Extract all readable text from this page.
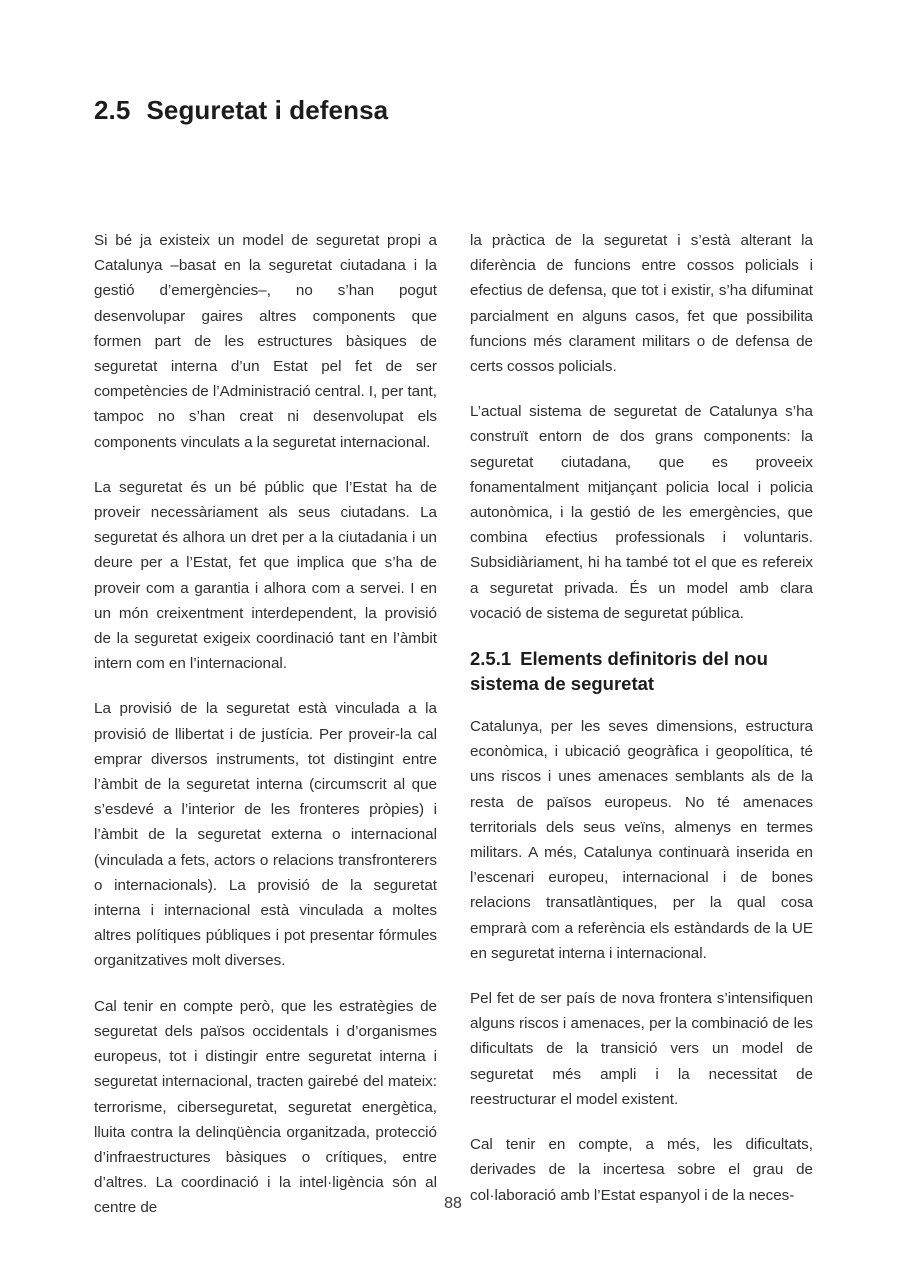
2.5 Seguretat i defensa

Si bé ja existeix un model de seguretat propi a Catalunya –basat en la seguretat ciutadana i la gestió d’emergències–, no s’han pogut desenvolupar gaires altres components que formen part de les estructures bàsiques de seguretat interna d’un Estat pel fet de ser competències de l’Administració central. I, per tant, tampoc no s’han creat ni desenvolupat els components vinculats a la seguretat internacional.

La seguretat és un bé públic que l’Estat ha de proveir necessàriament als seus ciutadans. La seguretat és alhora un dret per a la ciutadania i un deure per a l’Estat, fet que implica que s’ha de proveir com a garantia i alhora com a servei. I en un món creixentment interdependent, la provisió de la seguretat exigeix coordinació tant en l’àmbit intern com en l’internacional.

La provisió de la seguretat està vinculada a la provisió de llibertat i de justícia. Per proveir-la cal emprar diversos instruments, tot distingint entre l’àmbit de la seguretat interna (circumscrit al que s’esdevé a l’interior de les fronteres pròpies) i l’àmbit de la seguretat externa o internacional (vinculada a fets, actors o relacions transfronterers o internacionals). La provisió de la seguretat interna i internacional està vinculada a moltes altres polítiques públiques i pot presentar fórmules organitzatives molt diverses.

Cal tenir en compte però, que les estratègies de seguretat dels països occidentals i d’organismes europeus, tot i distingir entre seguretat interna i seguretat internacional, tracten gairebé del mateix: terrorisme, ciberseguretat, seguretat energètica, lluita contra la delinqüència organitzada, protecció d’infraestructures bàsiques o crítiques, entre d’altres. La coordinació i la intel·ligència són al centre de

la pràctica de la seguretat i s’està alterant la diferència de funcions entre cossos policials i efectius de defensa, que tot i existir, s’ha difuminat parcialment en alguns casos, fet que possibilita funcions més clarament militars o de defensa de certs cossos policials.

L’actual sistema de seguretat de Catalunya s’ha construït entorn de dos grans components: la seguretat ciutadana, que es proveeix fonamentalment mitjançant policia local i policia autonòmica, i la gestió de les emergències, que combina efectius professionals i voluntaris. Subsidiàriament, hi ha també tot el que es refereix a seguretat privada. És un model amb clara vocació de sistema de seguretat pública.

2.5.1 Elements definitoris del nou sistema de seguretat

Catalunya, per les seves dimensions, estructura econòmica, i ubicació geogràfica i geopolítica, té uns riscos i unes amenaces semblants als de la resta de països europeus. No té amenaces territorials dels seus veïns, almenys en termes militars. A més, Catalunya continuarà inserida en l’escenari europeu, internacional i de bones relacions transatlàntiques, per la qual cosa emprarà com a referència els estàndards de la UE en seguretat interna i internacional.

Pel fet de ser país de nova frontera s’intensifiquen alguns riscos i amenaces, per la combinació de les dificultats de la transició vers un model de seguretat més ampli i la necessitat de reestructurar el model existent.

Cal tenir en compte, a més, les dificultats, derivades de la incertesa sobre el grau de col·laboració amb l’Estat espanyol i de la neces-

88
